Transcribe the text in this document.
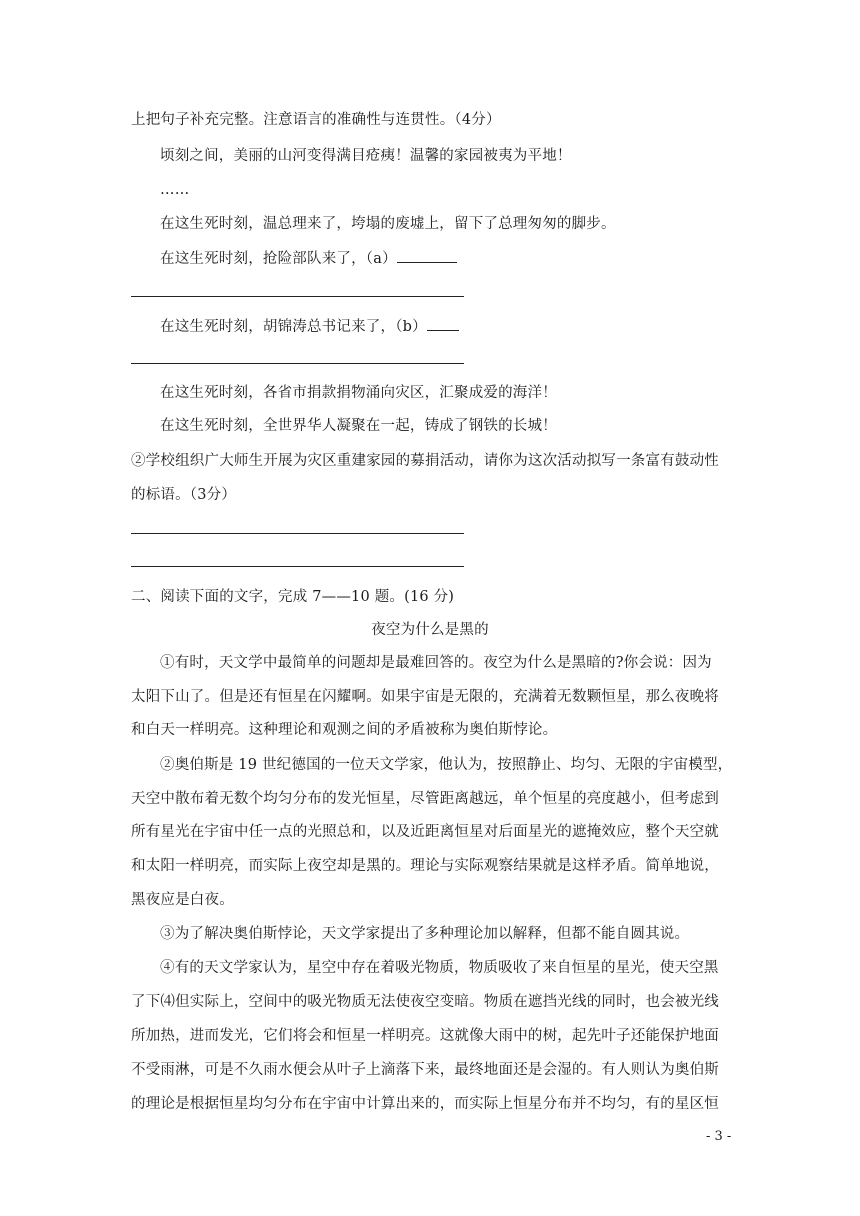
上把句子补充完整。注意语言的准确性与连贯性。（4分）
顷刻之间，美丽的山河变得满目疮痍！温馨的家园被夷为平地！
……
在这生死时刻，温总理来了，垮塌的废墟上，留下了总理匆匆的脚步。
在这生死时刻，抢险部队来了，（a）
在这生死时刻，胡锦涛总书记来了，（b）
在这生死时刻，各省市捐款捐物涌向灾区，汇聚成爱的海洋！
在这生死时刻，全世界华人凝聚在一起，铸成了钢铁的长城！
②学校组织广大师生开展为灾区重建家园的募捐活动，请你为这次活动拟写一条富有鼓动性
的标语。（3分）
二、阅读下面的文字，完成 7——10 题。(16 分)
夜空为什么是黑的
①有时，天文学中最简单的问题却是最难回答的。夜空为什么是黑暗的?你会说：因为
太阳下山了。但是还有恒星在闪耀啊。如果宇宙是无限的，充满着无数颗恒星，那么夜晚将
和白天一样明亮。这种理论和观测之间的矛盾被称为奥伯斯悖论。
②奥伯斯是 19 世纪德国的一位天文学家，他认为，按照静止、均匀、无限的宇宙模型，
天空中散布着无数个均匀分布的发光恒星，尽管距离越远，单个恒星的亮度越小，但考虑到
所有星光在宇宙中任一点的光照总和，以及近距离恒星对后面星光的遮掩效应，整个天空就
和太阳一样明亮，而实际上夜空却是黑的。理论与实际观察结果就是这样矛盾。简单地说，
黑夜应是白夜。
③为了解决奥伯斯悖论，天文学家提出了多种理论加以解释，但都不能自圆其说。
④有的天文学家认为，星空中存在着吸光物质，物质吸收了来自恒星的星光，使天空黑
了下⑷但实际上，空间中的吸光物质无法使夜空变暗。物质在遮挡光线的同时，也会被光线
所加热，进而发光，它们将会和恒星一样明亮。这就像大雨中的树，起先叶子还能保护地面
不受雨淋，可是不久雨水便会从叶子上滴落下来，最终地面还是会湿的。有人则认为奥伯斯
的理论是根据恒星均匀分布在宇宙中计算出来的，而实际上恒星分布并不均匀，有的星区恒
- 3 -
